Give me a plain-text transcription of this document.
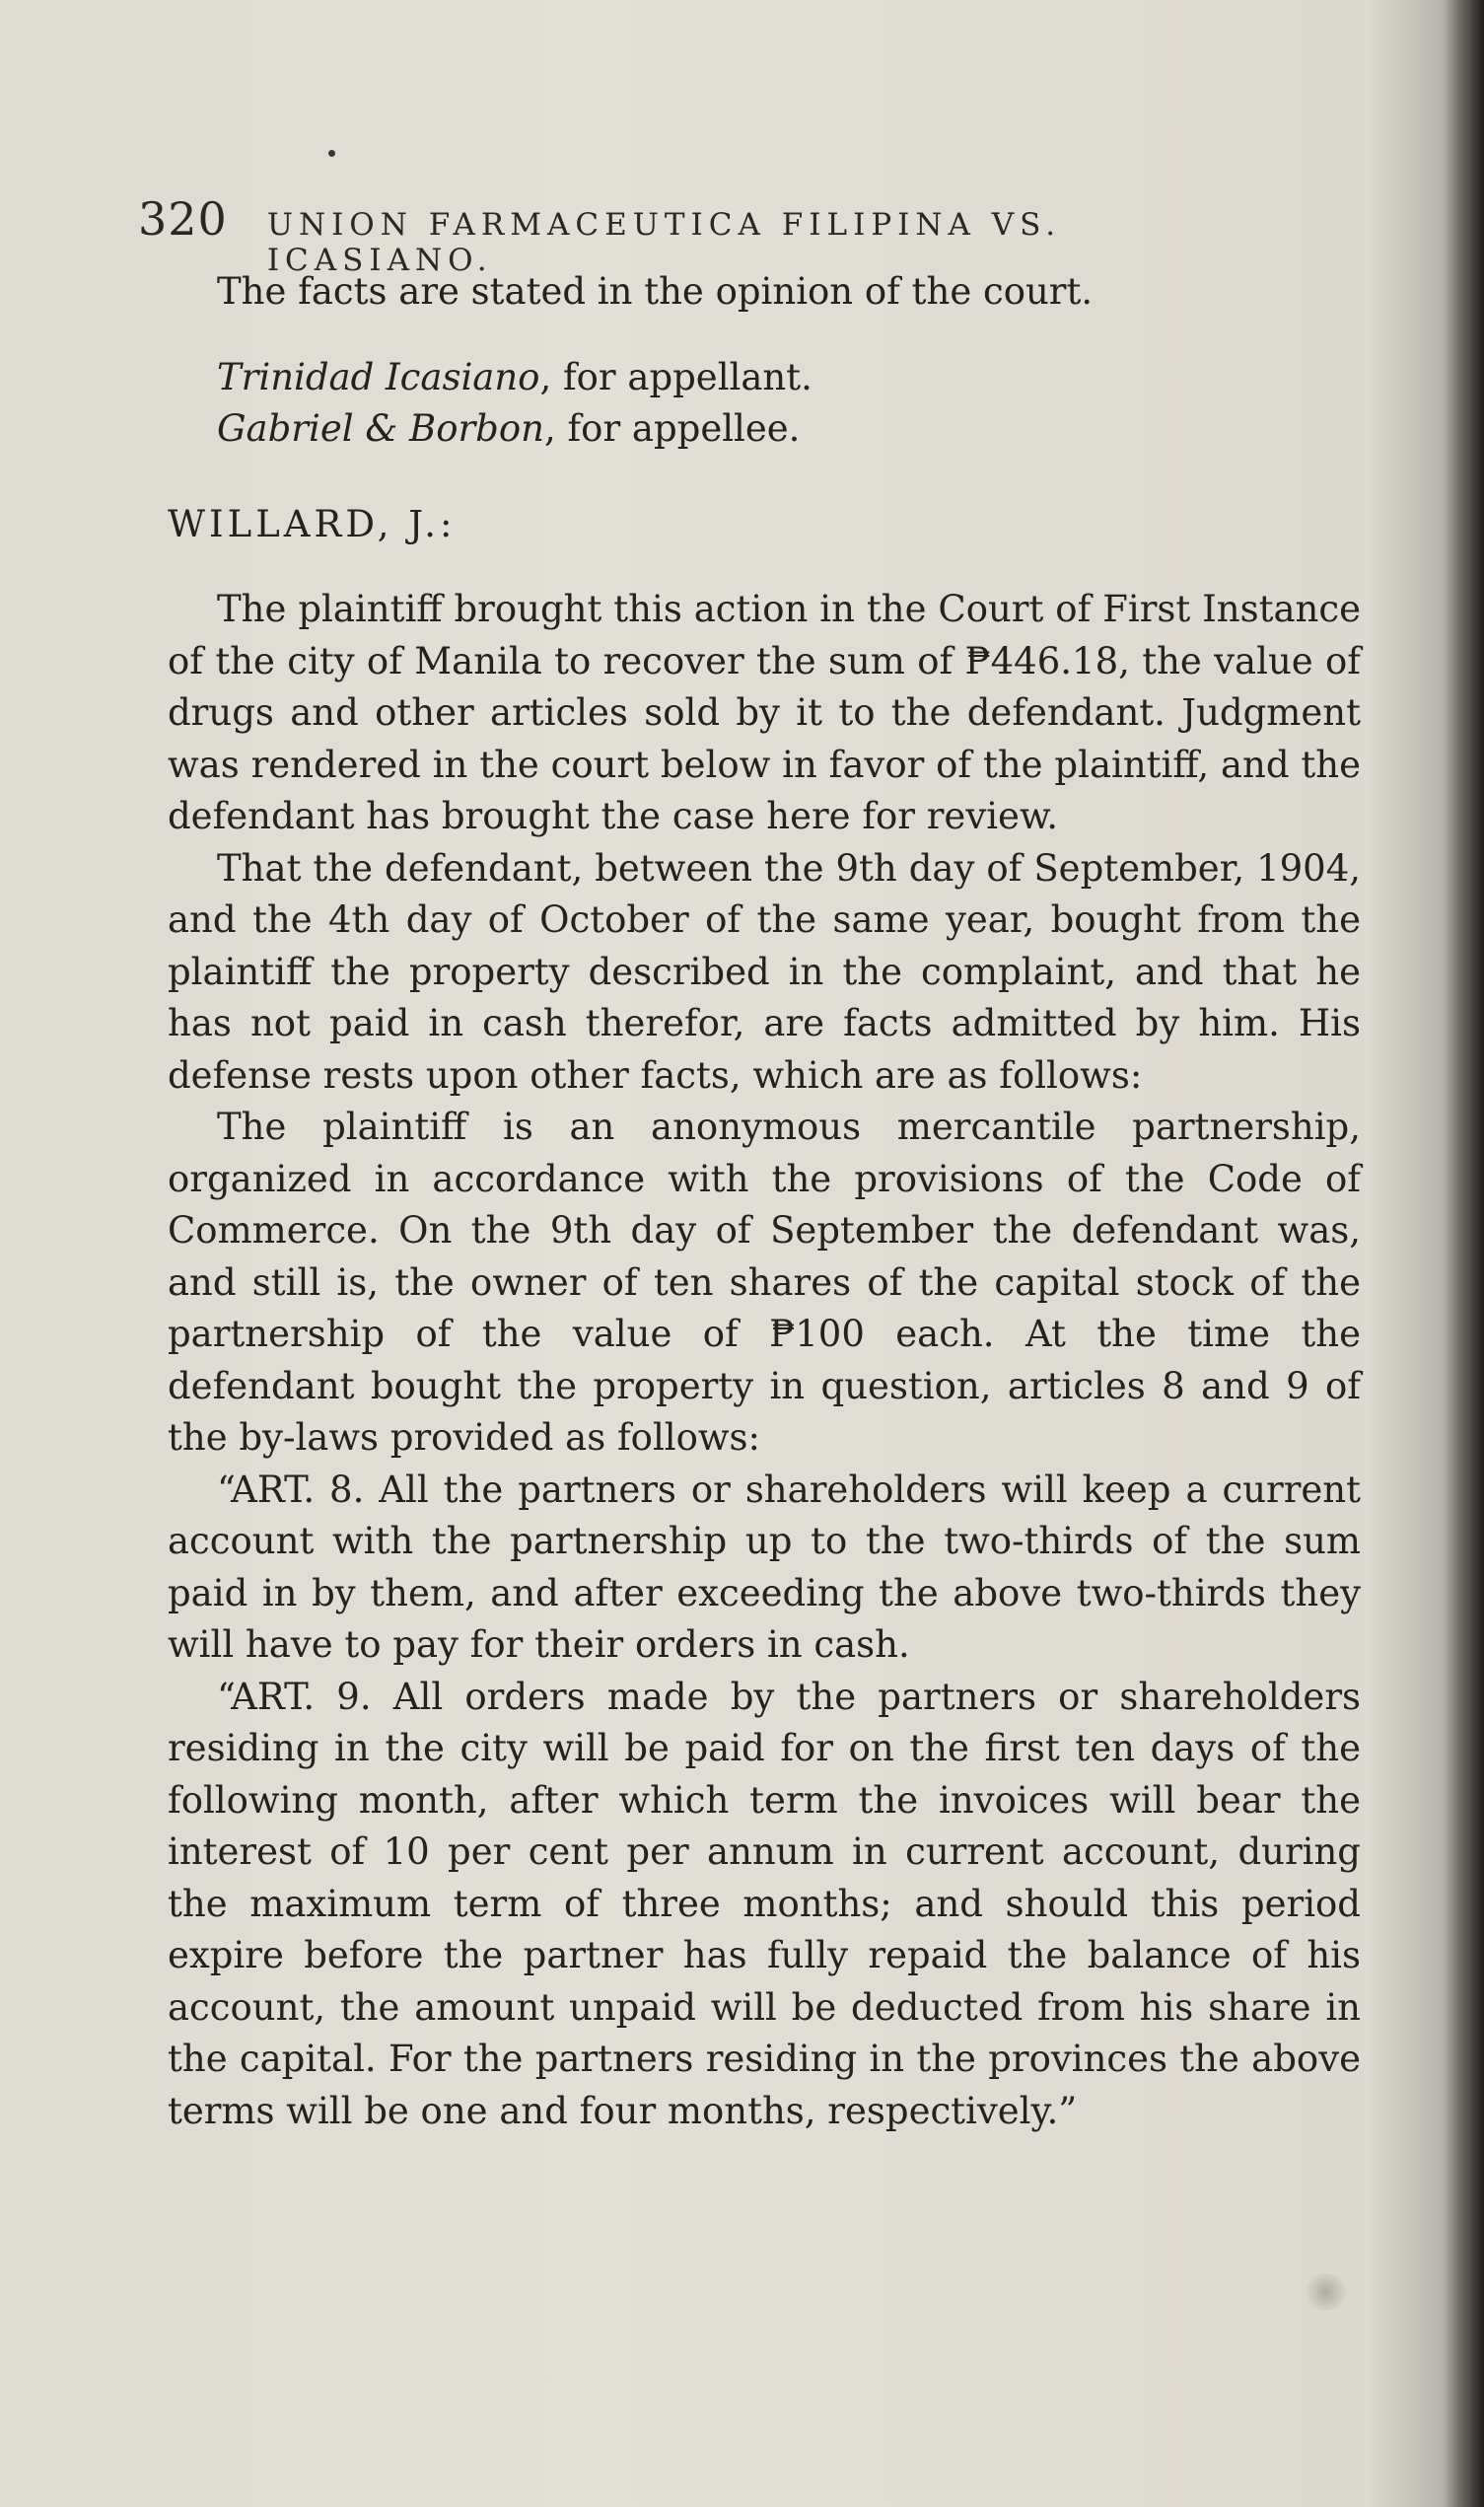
320 UNION FARMACEUTICA FILIPINA VS. ICASIANO.

The facts are stated in the opinion of the court.

Trinidad Icasiano, for appellant.

Gabriel & Borbon, for appellee.

WILLARD, J.:

The plaintiff brought this action in the Court of First Instance of the city of Manila to recover the sum of ₱446.18, the value of drugs and other articles sold by it to the defendant. Judgment was rendered in the court below in favor of the plaintiff, and the defendant has brought the case here for review.

That the defendant, between the 9th day of September, 1904, and the 4th day of October of the same year, bought from the plaintiff the property described in the complaint, and that he has not paid in cash therefor, are facts admitted by him. His defense rests upon other facts, which are as follows:

The plaintiff is an anonymous mercantile partnership, organized in accordance with the provisions of the Code of Commerce. On the 9th day of September the defendant was, and still is, the owner of ten shares of the capital stock of the partnership of the value of ₱100 each. At the time the defendant bought the property in question, articles 8 and 9 of the by-laws provided as follows:

“ART. 8. All the partners or shareholders will keep a current account with the partnership up to the two-thirds of the sum paid in by them, and after exceeding the above two-thirds they will have to pay for their orders in cash.

“ART. 9. All orders made by the partners or shareholders residing in the city will be paid for on the first ten days of the following month, after which term the invoices will bear the interest of 10 per cent per annum in current account, during the maximum term of three months; and should this period expire before the partner has fully repaid the balance of his account, the amount unpaid will be deducted from his share in the capital. For the partners residing in the provinces the above terms will be one and four months, respectively.”
